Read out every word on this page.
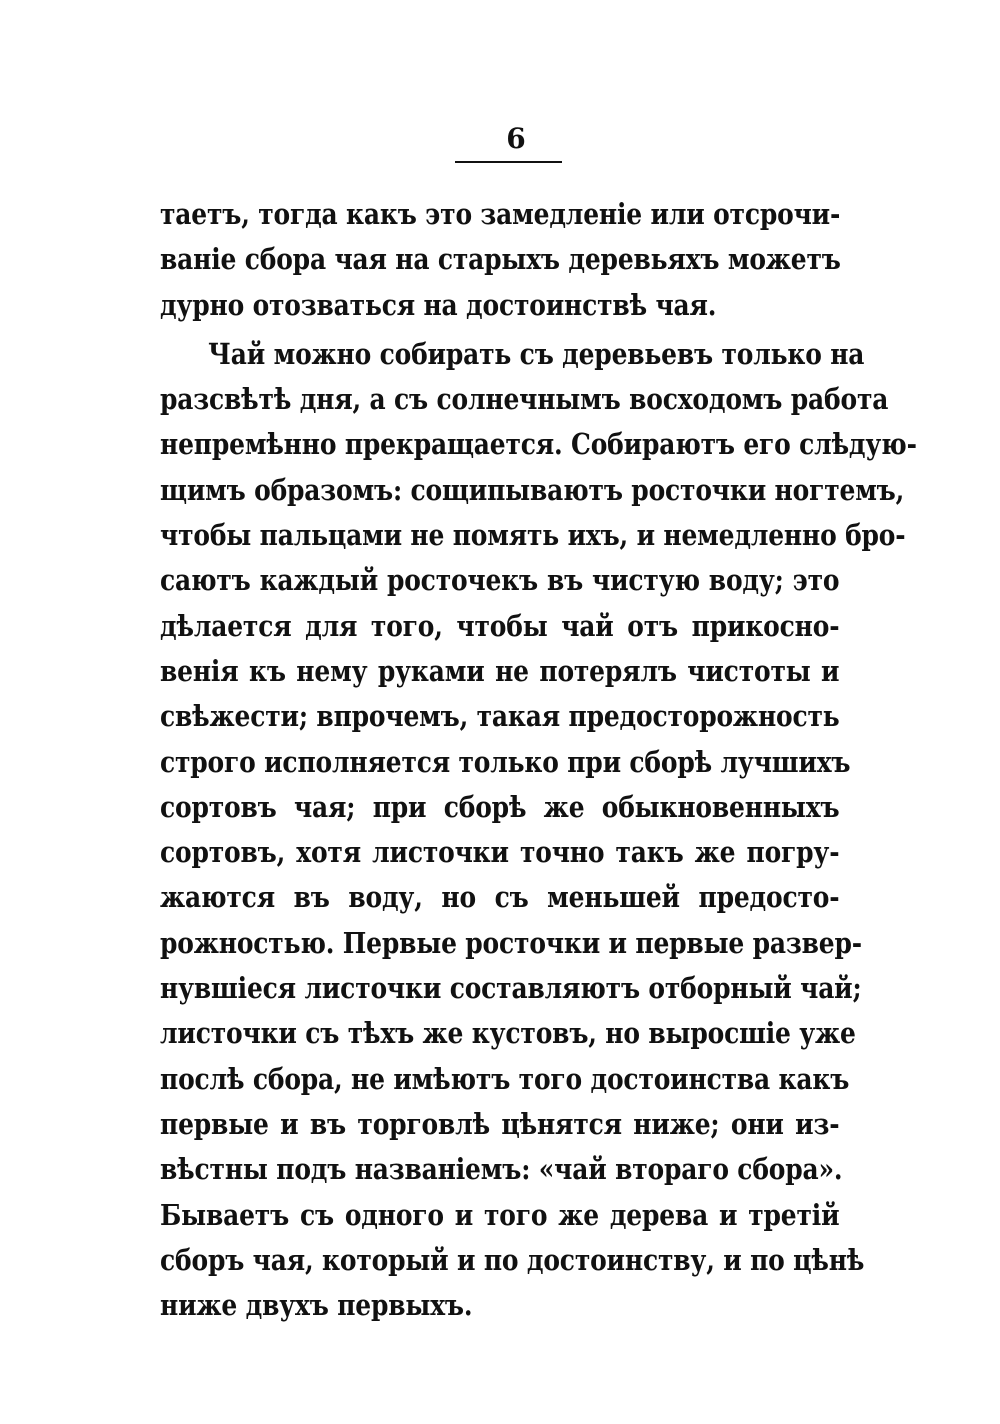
6
таетъ, тогда какъ это замедленіе или отсрочи-
ваніе сбора чая на старыхъ деревьяхъ можетъ
дурно отозваться на достоинствѣ чая.
Чай можно собирать съ деревьевъ только на
разсвѣтѣ дня, а съ солнечнымъ восходомъ работа
непремѣнно прекращается. Собираютъ его слѣдую-
щимъ образомъ: сощипываютъ росточки ногтемъ,
чтобы пальцами не помять ихъ, и немедленно бро-
саютъ каждый росточекъ въ чистую воду; это
дѣлается для того, чтобы чай отъ прикосно-
венія къ нему руками не потерялъ чистоты и
свѣжести; впрочемъ, такая предосторожность
строго исполняется только при сборѣ лучшихъ
сортовъ чая; при сборѣ же обыкновенныхъ
сортовъ, хотя листочки точно такъ же погру-
жаются въ воду, но съ меньшей предосто-
рожностью. Первые росточки и первые развер-
нувшіеся листочки составляютъ отборный чай;
листочки съ тѣхъ же кустовъ, но выросшіе уже
послѣ сбора, не имѣютъ того достоинства какъ
первые и въ торговлѣ цѣнятся ниже; они из-
вѣстны подъ названіемъ: «чай втораго сбора».
Бываетъ съ одного и того же дерева и третій
сборъ чая, который и по достоинству, и по цѣнѣ
ниже двухъ первыхъ.
